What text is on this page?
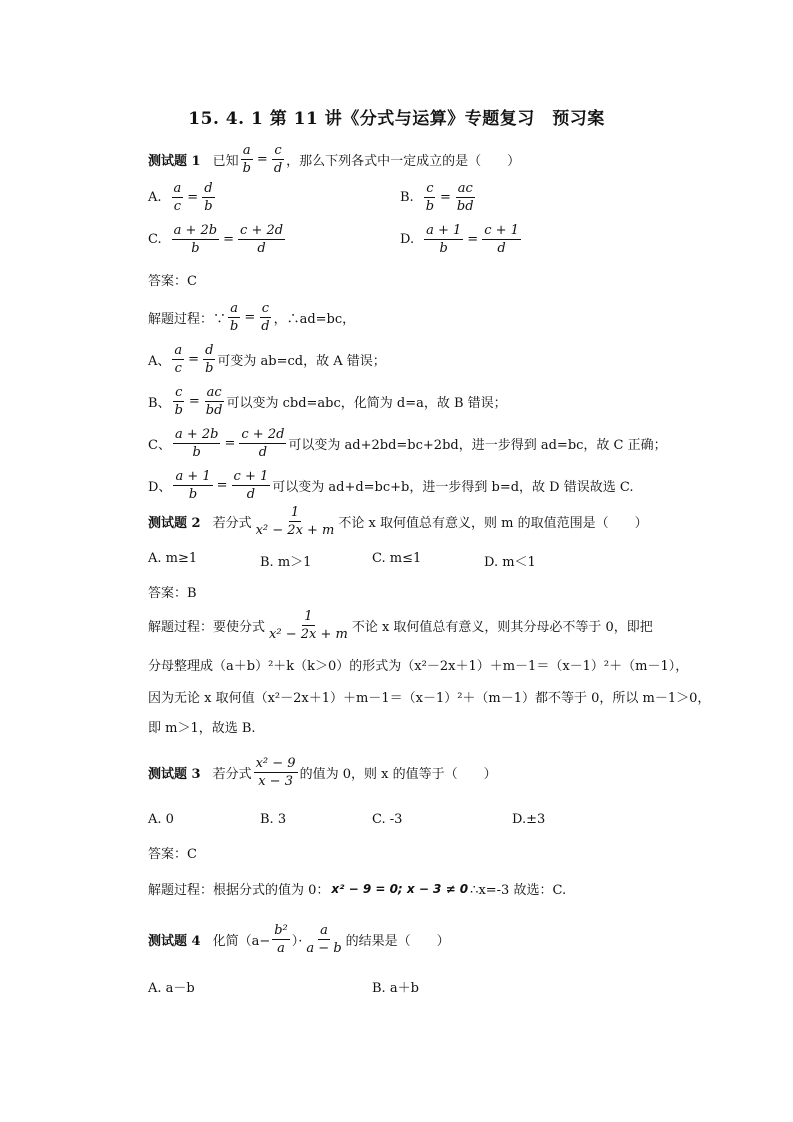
15. 4. 1 第 11 讲《分式与运算》专题复习　预习案
测试题 1 已知 $\frac{a}{b} = \frac{c}{d}$ ，那么下列各式中一定成立的是（　　）
A. $\frac{a}{c} = \frac{d}{b}$	B. $\frac{c}{b} = \frac{ac}{bd}$
C. $\frac{a + 2b}{b} = \frac{c + 2d}{d}$	D. $\frac{a + 1}{b} = \frac{c + 1}{d}$
答案：C
解题过程：∵ $\frac{a}{b} = \frac{c}{d}$ ，∴ad=bc，
A、 $\frac{a}{c} = \frac{d}{b}$ 可变为 ab=cd，故 A 错误；
B、 $\frac{c}{b} = \frac{ac}{bd}$ 可以变为 cbd=abc，化简为 d=a，故 B 错误；
C、 $\frac{a + 2b}{b} = \frac{c + 2d}{d}$ 可以变为 ad+2bd=bc+2bd，进一步得到 ad=bc，故 C 正确；
D、 $\frac{a + 1}{b} = \frac{c + 1}{d}$ 可以变为 ad+d=bc+b，进一步得到 b=d，故 D 错误故选 C.
测试题 2 若分式 $\frac{1}{\text{x² − 2x + m}}$ 不论 x 取何值总有意义，则 m 的取值范围是（　　）
A. m≥1	B. m＞1	C. m≤1	D. m＜1
答案：B
解题过程：要使分式 $\frac{1}{\text{x² − 2x + m}}$ 不论 x 取何值总有意义，则其分母必不等于 0，即把
分母整理成（a＋b）²＋k（k＞0）的形式为（x²－2x＋1）＋m－1＝（x－1）²＋（m－1），
因为无论 x 取何值（x²－2x＋1）＋m－1＝（x－1）²＋（m－1）都不等于 0，所以 m－1＞0，
即 m＞1，故选 B.
测试题 3 若分式 $\frac{\text{x² − 9}}{x - 3}$ 的值为 0，则 x 的值等于（　　）
A. 0	B. 3	C. -3	D.±3
答案：C
解题过程：根据分式的值为 0： x² − 9 = 0; x − 3 ≠ 0 ∴x=-3 故选：C.
测试题 4 化简（$a- \frac{\text{b²}}{a}$ ）· $\frac{a}{a - b}$ 的结果是（　　）
A. a－b	B. a＋b
